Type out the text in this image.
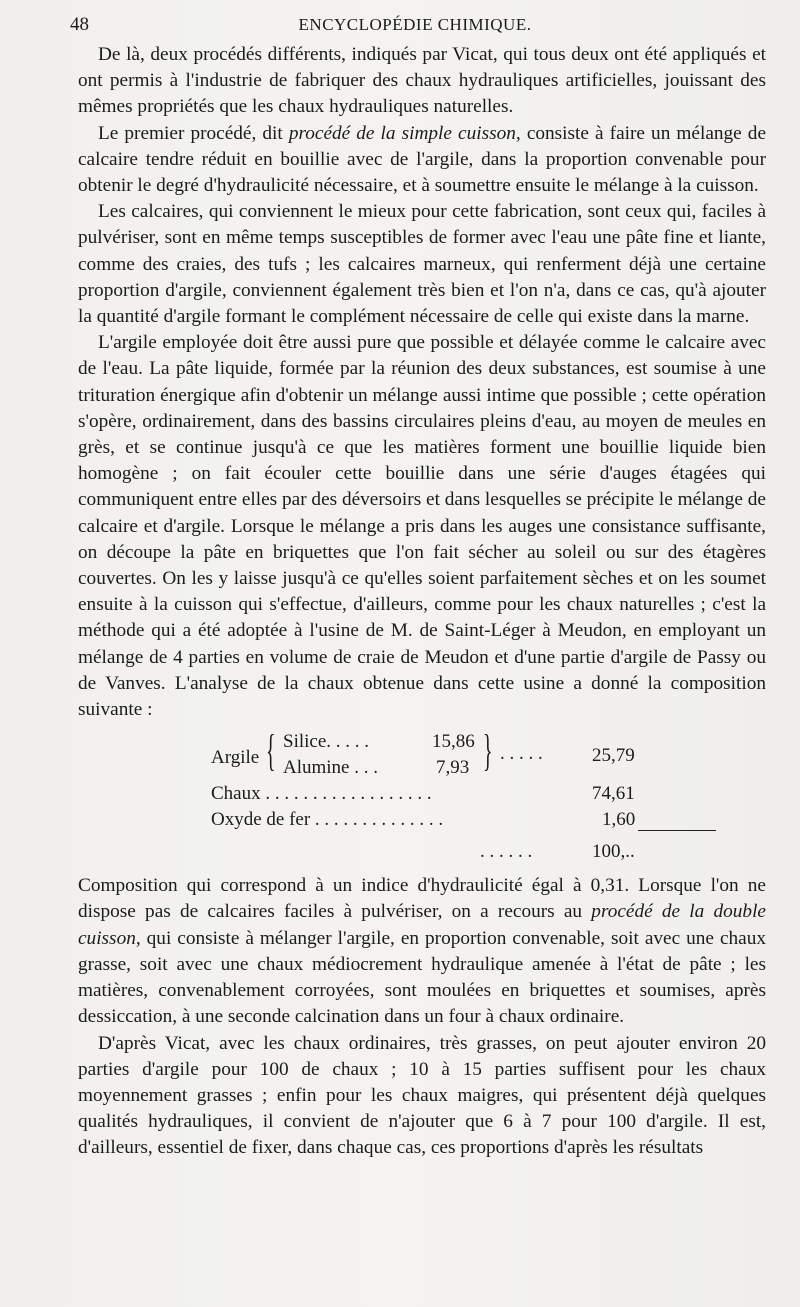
48	ENCYCLOPÉDIE CHIMIQUE.

De là, deux procédés différents, indiqués par Vicat, qui tous deux ont été appliqués et ont permis à l'industrie de fabriquer des chaux hydrauliques artificielles, jouissant des mêmes propriétés que les chaux hydrauliques naturelles.

Le premier procédé, dit procédé de la simple cuisson, consiste à faire un mélange de calcaire tendre réduit en bouillie avec de l'argile, dans la proportion convenable pour obtenir le degré d'hydraulicité nécessaire, et à soumettre ensuite le mélange à la cuisson.

Les calcaires, qui conviennent le mieux pour cette fabrication, sont ceux qui, faciles à pulvériser, sont en même temps susceptibles de former avec l'eau une pâte fine et liante, comme des craies, des tufs ; les calcaires marneux, qui renferment déjà une certaine proportion d'argile, conviennent également très bien et l'on n'a, dans ce cas, qu'à ajouter la quantité d'argile formant le complément nécessaire de celle qui existe dans la marne.

L'argile employée doit être aussi pure que possible et délayée comme le calcaire avec de l'eau. La pâte liquide, formée par la réunion des deux substances, est soumise à une trituration énergique afin d'obtenir un mélange aussi intime que possible ; cette opération s'opère, ordinairement, dans des bassins circulaires pleins d'eau, au moyen de meules en grès, et se continue jusqu'à ce que les matières forment une bouillie liquide bien homogène ; on fait écouler cette bouillie dans une série d'auges étagées qui communiquent entre elles par des déversoirs et dans lesquelles se précipite le mélange de calcaire et d'argile. Lorsque le mélange a pris dans les auges une consistance suffisante, on découpe la pâte en briquettes que l'on fait sécher au soleil ou sur des étagères couvertes. On les y laisse jusqu'à ce qu'elles soient parfaitement sèches et on les soumet ensuite à la cuisson qui s'effectue, d'ailleurs, comme pour les chaux naturelles ; c'est la méthode qui a été adoptée à l'usine de M. de Saint-Léger à Meudon, en employant un mélange de 4 parties en volume de craie de Meudon et d'une partie d'argile de Passy ou de Vanves. L'analyse de la chaux obtenue dans cette usine a donné la composition suivante :

Argile { Silice. . . . .	15,86
Alumine . . .	7,93 } . . . . .	25,79
Chaux . . . . . . . . . . . . . . . . . .	74,61
Oxyde de fer . . . . . . . . . . . . . .	1,60
. . . . . .	100,..

Composition qui correspond à un indice d'hydraulicité égal à 0,31. Lorsque l'on ne dispose pas de calcaires faciles à pulvériser, on a recours au procédé de la double cuisson, qui consiste à mélanger l'argile, en proportion convenable, soit avec une chaux grasse, soit avec une chaux médiocrement hydraulique amenée à l'état de pâte ; les matières, convenablement corroyées, sont moulées en briquettes et soumises, après dessiccation, à une seconde calcination dans un four à chaux ordinaire.

D'après Vicat, avec les chaux ordinaires, très grasses, on peut ajouter environ 20 parties d'argile pour 100 de chaux ; 10 à 15 parties suffisent pour les chaux moyennement grasses ; enfin pour les chaux maigres, qui présentent déjà quelques qualités hydrauliques, il convient de n'ajouter que 6 à 7 pour 100 d'argile. Il est, d'ailleurs, essentiel de fixer, dans chaque cas, ces proportions d'après les résultats
